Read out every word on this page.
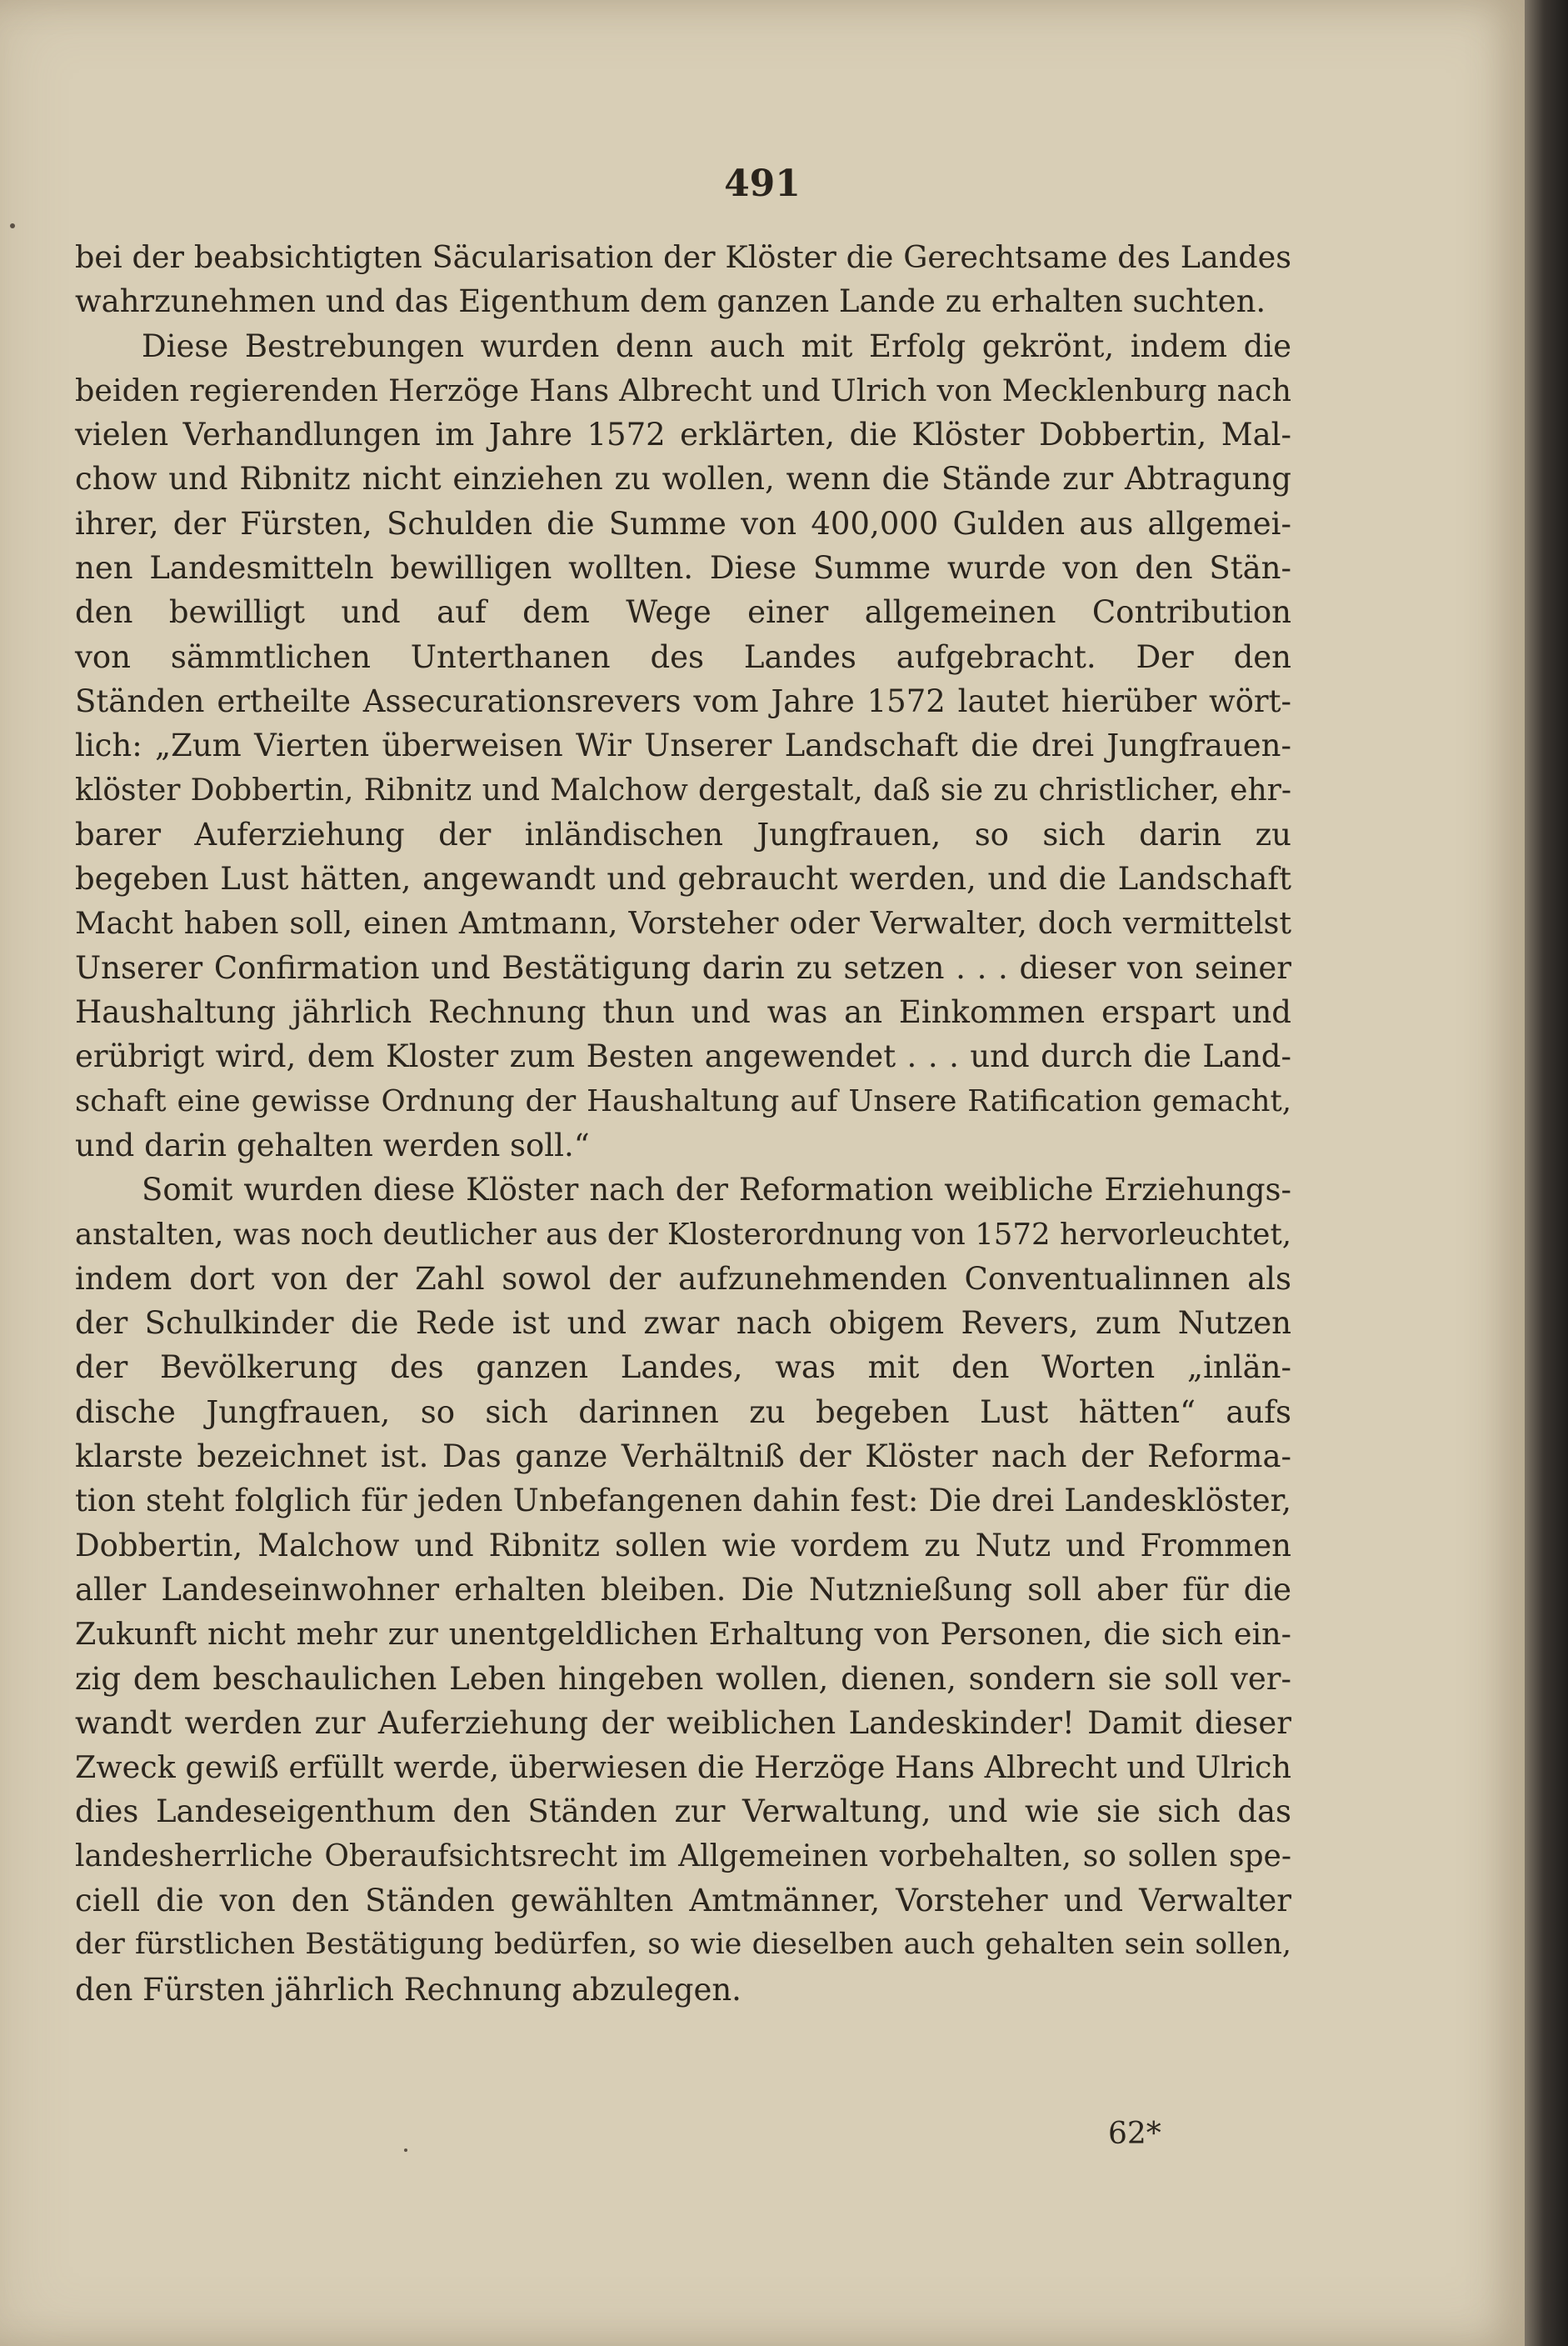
491
bei der beabsichtigten Säcularisation der Klöster die Gerechtsame des Landes
wahrzunehmen und das Eigenthum dem ganzen Lande zu erhalten suchten.
Diese Bestrebungen wurden denn auch mit Erfolg gekrönt, indem die
beiden regierenden Herzöge Hans Albrecht und Ulrich von Mecklenburg nach
vielen Verhandlungen im Jahre 1572 erklärten, die Klöster Dobbertin, Mal-
chow und Ribnitz nicht einziehen zu wollen, wenn die Stände zur Abtragung
ihrer, der Fürsten, Schulden die Summe von 400,000 Gulden aus allgemei-
nen Landesmitteln bewilligen wollten. Diese Summe wurde von den Stän-
den bewilligt und auf dem Wege einer allgemeinen Contribution
von sämmtlichen Unterthanen des Landes aufgebracht. Der den
Ständen ertheilte Assecurationsrevers vom Jahre 1572 lautet hierüber wört-
lich: „Zum Vierten überweisen Wir Unserer Landschaft die drei Jungfrauen-
klöster Dobbertin, Ribnitz und Malchow dergestalt, daß sie zu christlicher, ehr-
barer Auferziehung der inländischen Jungfrauen, so sich darin zu
begeben Lust hätten, angewandt und gebraucht werden, und die Landschaft
Macht haben soll, einen Amtmann, Vorsteher oder Verwalter, doch vermittelst
Unserer Confirmation und Bestätigung darin zu setzen . . . dieser von seiner
Haushaltung jährlich Rechnung thun und was an Einkommen erspart und
erübrigt wird, dem Kloster zum Besten angewendet . . . und durch die Land-
schaft eine gewisse Ordnung der Haushaltung auf Unsere Ratification gemacht,
und darin gehalten werden soll.“
Somit wurden diese Klöster nach der Reformation weibliche Erziehungs-
anstalten, was noch deutlicher aus der Klosterordnung von 1572 hervorleuchtet,
indem dort von der Zahl sowol der aufzunehmenden Conventualinnen als
der Schulkinder die Rede ist und zwar nach obigem Revers, zum Nutzen
der Bevölkerung des ganzen Landes, was mit den Worten „inlän-
dische Jungfrauen, so sich darinnen zu begeben Lust hätten“ aufs
klarste bezeichnet ist. Das ganze Verhältniß der Klöster nach der Reforma-
tion steht folglich für jeden Unbefangenen dahin fest: Die drei Landesklöster,
Dobbertin, Malchow und Ribnitz sollen wie vordem zu Nutz und Frommen
aller Landeseinwohner erhalten bleiben. Die Nutznießung soll aber für die
Zukunft nicht mehr zur unentgeldlichen Erhaltung von Personen, die sich ein-
zig dem beschaulichen Leben hingeben wollen, dienen, sondern sie soll ver-
wandt werden zur Auferziehung der weiblichen Landeskinder! Damit dieser
Zweck gewiß erfüllt werde, überwiesen die Herzöge Hans Albrecht und Ulrich
dies Landeseigenthum den Ständen zur Verwaltung, und wie sie sich das
landesherrliche Oberaufsichtsrecht im Allgemeinen vorbehalten, so sollen spe-
ciell die von den Ständen gewählten Amtmänner, Vorsteher und Verwalter
der fürstlichen Bestätigung bedürfen, so wie dieselben auch gehalten sein sollen,
den Fürsten jährlich Rechnung abzulegen.
62*
